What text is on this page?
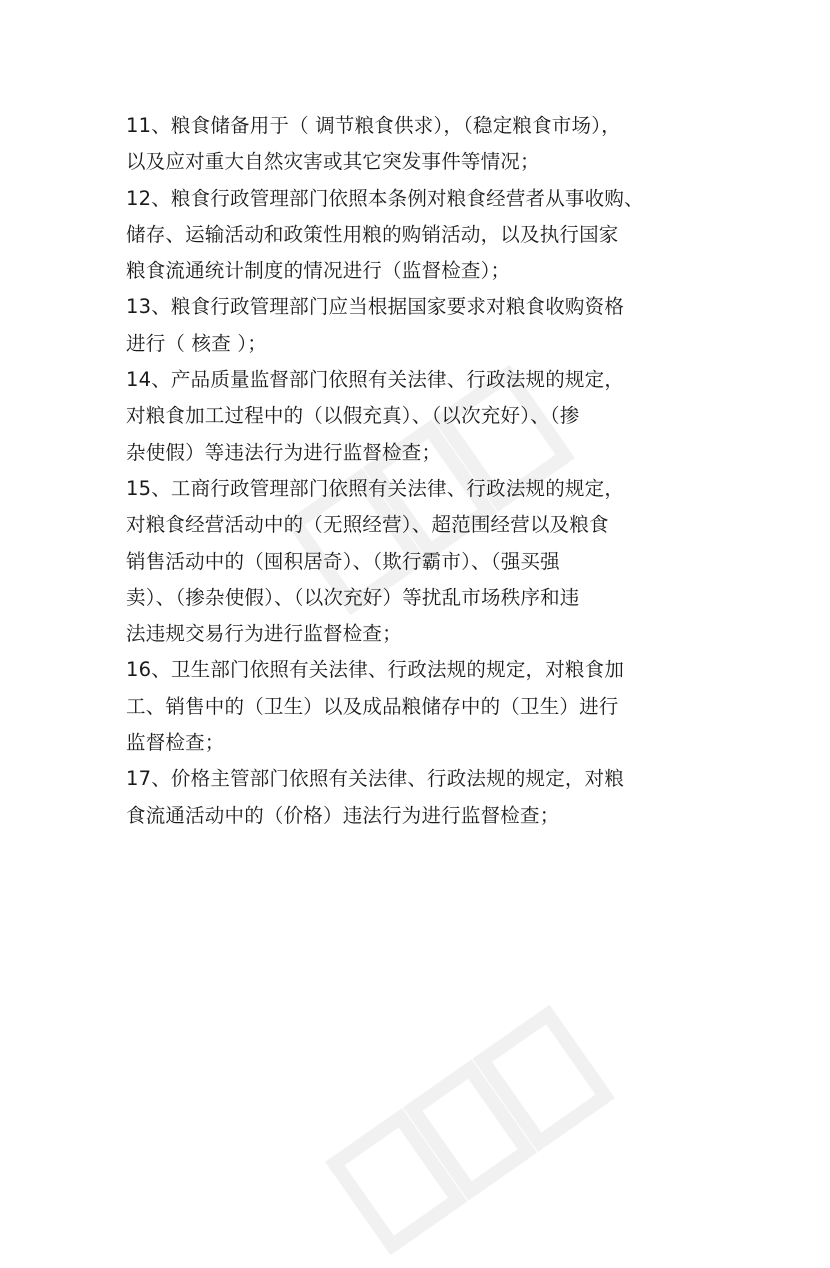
11、粮食储备用于（ 调节粮食供求），（稳定粮食市场），
以及应对重大自然灾害或其它突发事件等情况；
12、粮食行政管理部门依照本条例对粮食经营者从事收购、
储存、运输活动和政策性用粮的购销活动，以及执行国家
粮食流通统计制度的情况进行（监督检查）；
13、粮食行政管理部门应当根据国家要求对粮食收购资格
进行（ 核查 ）；
14、产品质量监督部门依照有关法律、行政法规的规定，
对粮食加工过程中的（以假充真）、（以次充好）、（掺
杂使假）等违法行为进行监督检查；
15、工商行政管理部门依照有关法律、行政法规的规定，
对粮食经营活动中的（无照经营）、超范围经营以及粮食
销售活动中的（囤积居奇）、（欺行霸市）、（强买强
卖）、（掺杂使假）、（以次充好）等扰乱市场秩序和违
法违规交易行为进行监督检查；
16、卫生部门依照有关法律、行政法规的规定，对粮食加
工、销售中的（卫生）以及成品粮储存中的（卫生）进行
监督检查；
17、价格主管部门依照有关法律、行政法规的规定，对粮
食流通活动中的（价格）违法行为进行监督检查；
